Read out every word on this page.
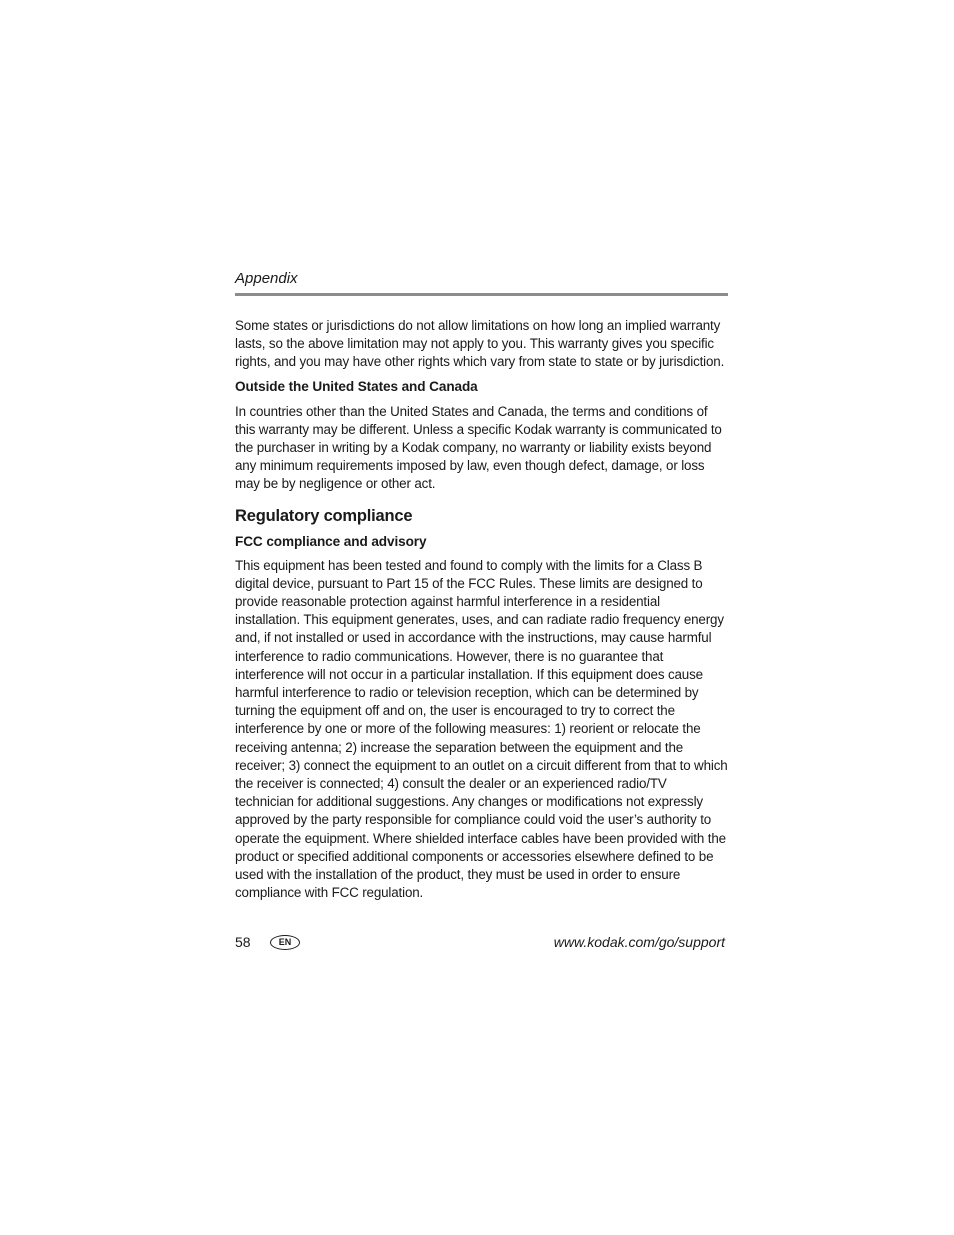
Appendix

Some states or jurisdictions do not allow limitations on how long an implied warranty lasts, so the above limitation may not apply to you. This warranty gives you specific rights, and you may have other rights which vary from state to state or by jurisdiction.

Outside the United States and Canada

In countries other than the United States and Canada, the terms and conditions of this warranty may be different. Unless a specific Kodak warranty is communicated to the purchaser in writing by a Kodak company, no warranty or liability exists beyond any minimum requirements imposed by law, even though defect, damage, or loss may be by negligence or other act.

Regulatory compliance
FCC compliance and advisory

This equipment has been tested and found to comply with the limits for a Class B digital device, pursuant to Part 15 of the FCC Rules. These limits are designed to provide reasonable protection against harmful interference in a residential installation. This equipment generates, uses, and can radiate radio frequency energy and, if not installed or used in accordance with the instructions, may cause harmful interference to radio communications. However, there is no guarantee that interference will not occur in a particular installation. If this equipment does cause harmful interference to radio or television reception, which can be determined by turning the equipment off and on, the user is encouraged to try to correct the interference by one or more of the following measures: 1) reorient or relocate the receiving antenna; 2) increase the separation between the equipment and the receiver; 3) connect the equipment to an outlet on a circuit different from that to which the receiver is connected; 4) consult the dealer or an experienced radio/TV technician for additional suggestions. Any changes or modifications not expressly approved by the party responsible for compliance could void the user’s authority to operate the equipment. Where shielded interface cables have been provided with the product or specified additional components or accessories elsewhere defined to be used with the installation of the product, they must be used in order to ensure compliance with FCC regulation.

58	EN	www.kodak.com/go/support
